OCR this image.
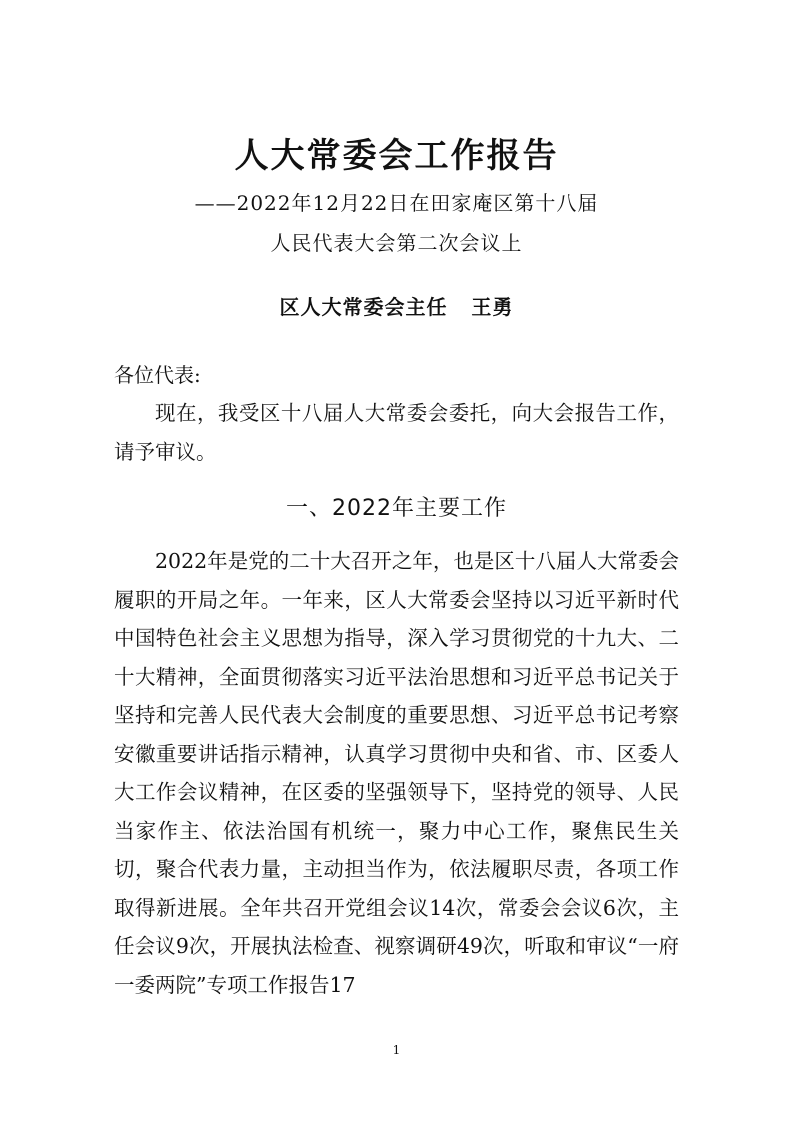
人大常委会工作报告
——2022年12月22日在田家庵区第十八届
人民代表大会第二次会议上
区人大常委会主任   王勇
各位代表:
现在，我受区十八届人大常委会委托，向大会报告工作，请予审议。
一、2022年主要工作
2022年是党的二十大召开之年，也是区十八届人大常委会履职的开局之年。一年来，区人大常委会坚持以习近平新时代中国特色社会主义思想为指导，深入学习贯彻党的十九大、二十大精神，全面贯彻落实习近平法治思想和习近平总书记关于坚持和完善人民代表大会制度的重要思想、习近平总书记考察安徽重要讲话指示精神，认真学习贯彻中央和省、市、区委人大工作会议精神，在区委的坚强领导下，坚持党的领导、人民当家作主、依法治国有机统一，聚力中心工作，聚焦民生关切，聚合代表力量，主动担当作为，依法履职尽责，各项工作取得新进展。全年共召开党组会议14次，常委会会议6次，主任会议9次，开展执法检查、视察调研49次，听取和审议“一府一委两院”专项工作报告17
1
